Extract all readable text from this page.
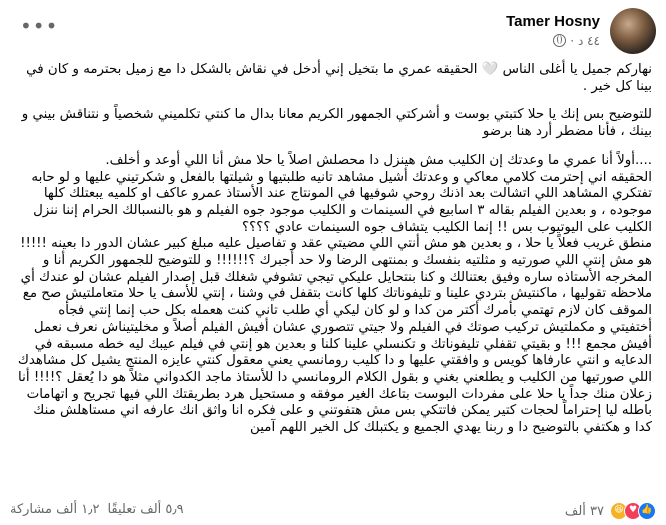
•••	Tamer Hosny
٤٤ د ·

نهاركم جميل يا أغلى الناس 🤍 الحقيقه عمري ما بتخيل إني أدخل في نقاش بالشكل دا مع زميل بحترمه و كان في بينا كل خير .

للتوضيح بس إنك يا حلا كتبتي بوست و أشركتي الجمهور الكريم معانا بدال ما كنتي تكلميني شخصياً و نتناقش بيني و بينك ، فأنا مضطر أرد هنا برضو

....أولاً أنا عمري ما وعدتك إن الكليب مش هينزل دا محصلش اصلاً يا حلا مش أنا اللي أوعد و أخلف.
الحقيقه اني إحترمت كلامي معاكي و وعدتك أشيل مشاهد تانيه طلبتيها و شيلتها بالفعل و شكرتيني عليها و لو حابه تفتكري المشاهد اللي اتشالت بعد اذنك روحي شوفيها في المونتاج عند الأستاذ عمرو عاكف او كلميه يبعتلك كلها موجوده ، و بعدين الفيلم بقاله ٣ اسابيع في السينمات و الكليب موجود جوه الفيلم و هو بالنسبالك الحرام إننا ننزل الكليب على اليوتيوب بس !! إنما الكليب يتشاف جوه السينمات عادي ؟؟؟؟
منطق غريب فعلاً يا حلا ، و بعدين هو مش أنتي اللي مضيتي عقد و تفاصيل عليه مبلغ كبير عشان الدور دا بعينه !!!!! هو مش إنتي اللي صورتيه و مثلتيه بنفسك و بمنتهى الرضا ولا حد أجبرك ؟!!!!!! و للتوضيح للجمهور الكريم أنا و المخرجه الأستاذه ساره وفيق بعتنالك و كنا بنتحايل عليكي تيجي تشوفي شغلك قبل إصدار الفيلم عشان لو عندك أي ملاحظه تقوليها ، ماكنتيش بتردي علينا و تليفوناتك كلها كانت بتقفل في وشنا ، إنتي للأسف يا حلا متعاملتيش صح مع الموقف كان لازم تهتمي بأمرك أكتر من كدا و لو كان ليكي أي طلب تاني كنت هعمله بكل حب إنما إنتي فجأه أختفيتي و مكملتيش تركيب صوتك في الفيلم ولا جيتي تتصوري عشان أفيش الفيلم أصلاً و مخليتيناش نعرف نعمل أفيش مجمع !!! و بقيتي تقفلي تليفوناتك و تكنسلي علينا كلنا و بعدين هو إنتي في فيلم عيبك ليه خطه مسبقه في الدعايه و انتي عارفاها كويس و وافقتي عليها و دا كليب رومانسي يعني معقول كنتي عايزه المنتج يشيل كل مشاهدك اللي صورتيها من الكليب و يطلعني بغني و بقول الكلام الرومانسي دا للأستاذ ماجد الكدواني مثلاً هو دا يُعقل ؟!!!! أنا زعلان منك جداً يا حلا على مفردات البوست بتاعك الغير موفقه و مستحيل هرد بطريقتك اللي فيها تجريح و اتهامات باطله ليا إحتراماً لحجات كتير يمكن فاتتكي بس مش هتفوتني و على فكره انا واثق انك عارفه اني مستاهلش منك كدا و هكتفي بالتوضيح دا و ربنا يهدي الجميع و يكتبلك كل الخير اللهم آمين

👍
♥
😆
٣٧ ألف
٥٫٩ ألف تعليقًا
١٫٢ ألف مشاركة
